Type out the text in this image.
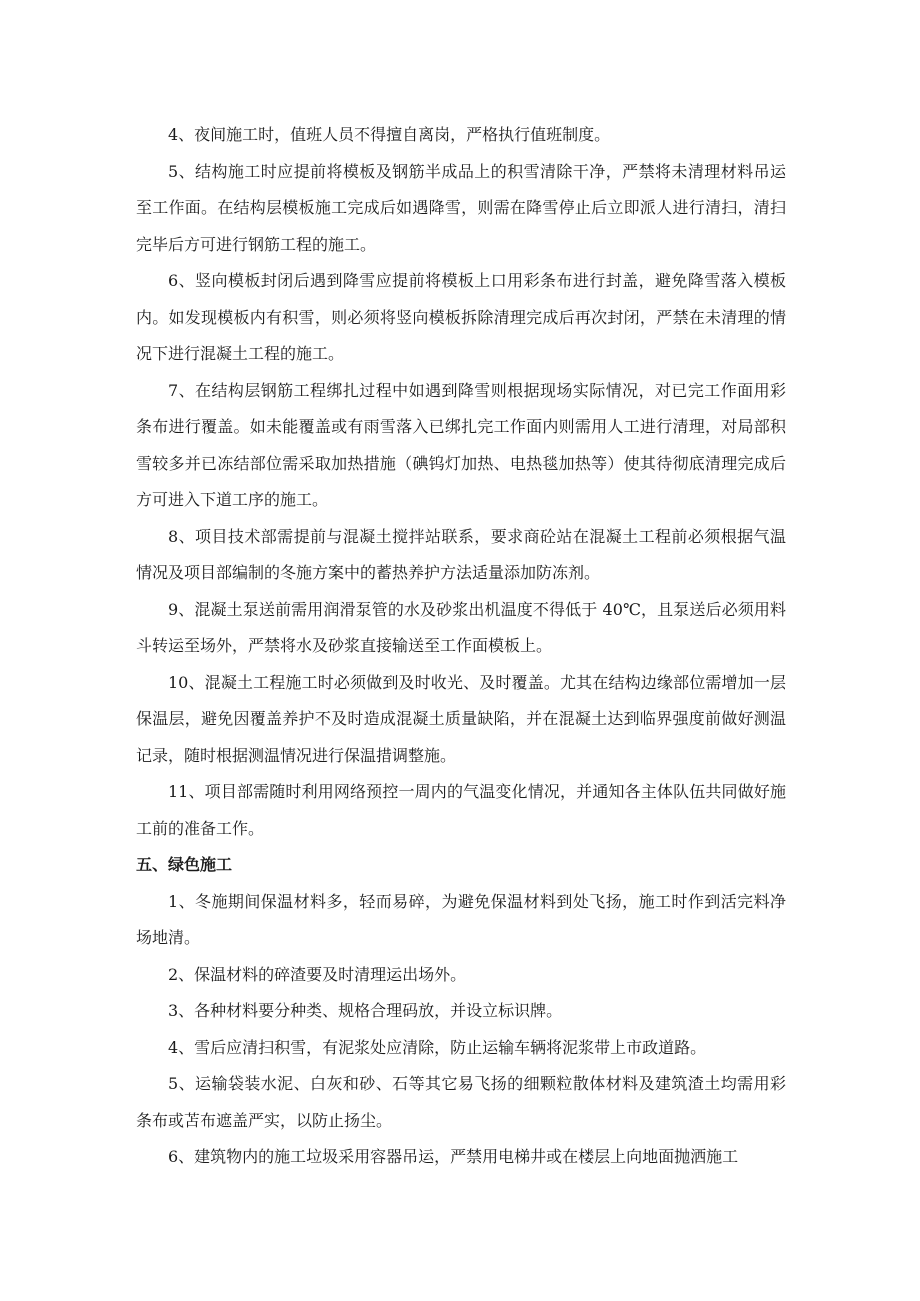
4、夜间施工时，值班人员不得擅自离岗，严格执行值班制度。

5、结构施工时应提前将模板及钢筋半成品上的积雪清除干净，严禁将未清理材料吊运至工作面。在结构层模板施工完成后如遇降雪，则需在降雪停止后立即派人进行清扫，清扫完毕后方可进行钢筋工程的施工。

6、竖向模板封闭后遇到降雪应提前将模板上口用彩条布进行封盖，避免降雪落入模板内。如发现模板内有积雪，则必须将竖向模板拆除清理完成后再次封闭，严禁在未清理的情况下进行混凝土工程的施工。

7、在结构层钢筋工程绑扎过程中如遇到降雪则根据现场实际情况，对已完工作面用彩条布进行覆盖。如未能覆盖或有雨雪落入已绑扎完工作面内则需用人工进行清理，对局部积雪较多并已冻结部位需采取加热措施（碘钨灯加热、电热毯加热等）使其待彻底清理完成后方可进入下道工序的施工。

8、项目技术部需提前与混凝土搅拌站联系，要求商砼站在混凝土工程前必须根据气温情况及项目部编制的冬施方案中的蓄热养护方法适量添加防冻剂。

9、混凝土泵送前需用润滑泵管的水及砂浆出机温度不得低于 40℃，且泵送后必须用料斗转运至场外，严禁将水及砂浆直接输送至工作面模板上。

10、混凝土工程施工时必须做到及时收光、及时覆盖。尤其在结构边缘部位需增加一层保温层，避免因覆盖养护不及时造成混凝土质量缺陷，并在混凝土达到临界强度前做好测温记录，随时根据测温情况进行保温措调整施。

11、项目部需随时利用网络预控一周内的气温变化情况，并通知各主体队伍共同做好施工前的准备工作。

五、绿色施工

1、冬施期间保温材料多，轻而易碎，为避免保温材料到处飞扬，施工时作到活完料净场地清。

2、保温材料的碎渣要及时清理运出场外。

3、各种材料要分种类、规格合理码放，并设立标识牌。

4、雪后应清扫积雪，有泥浆处应清除，防止运输车辆将泥浆带上市政道路。

5、运输袋装水泥、白灰和砂、石等其它易飞扬的细颗粒散体材料及建筑渣土均需用彩条布或苫布遮盖严实，以防止扬尘。

6、建筑物内的施工垃圾采用容器吊运，严禁用电梯井或在楼层上向地面抛洒施工
